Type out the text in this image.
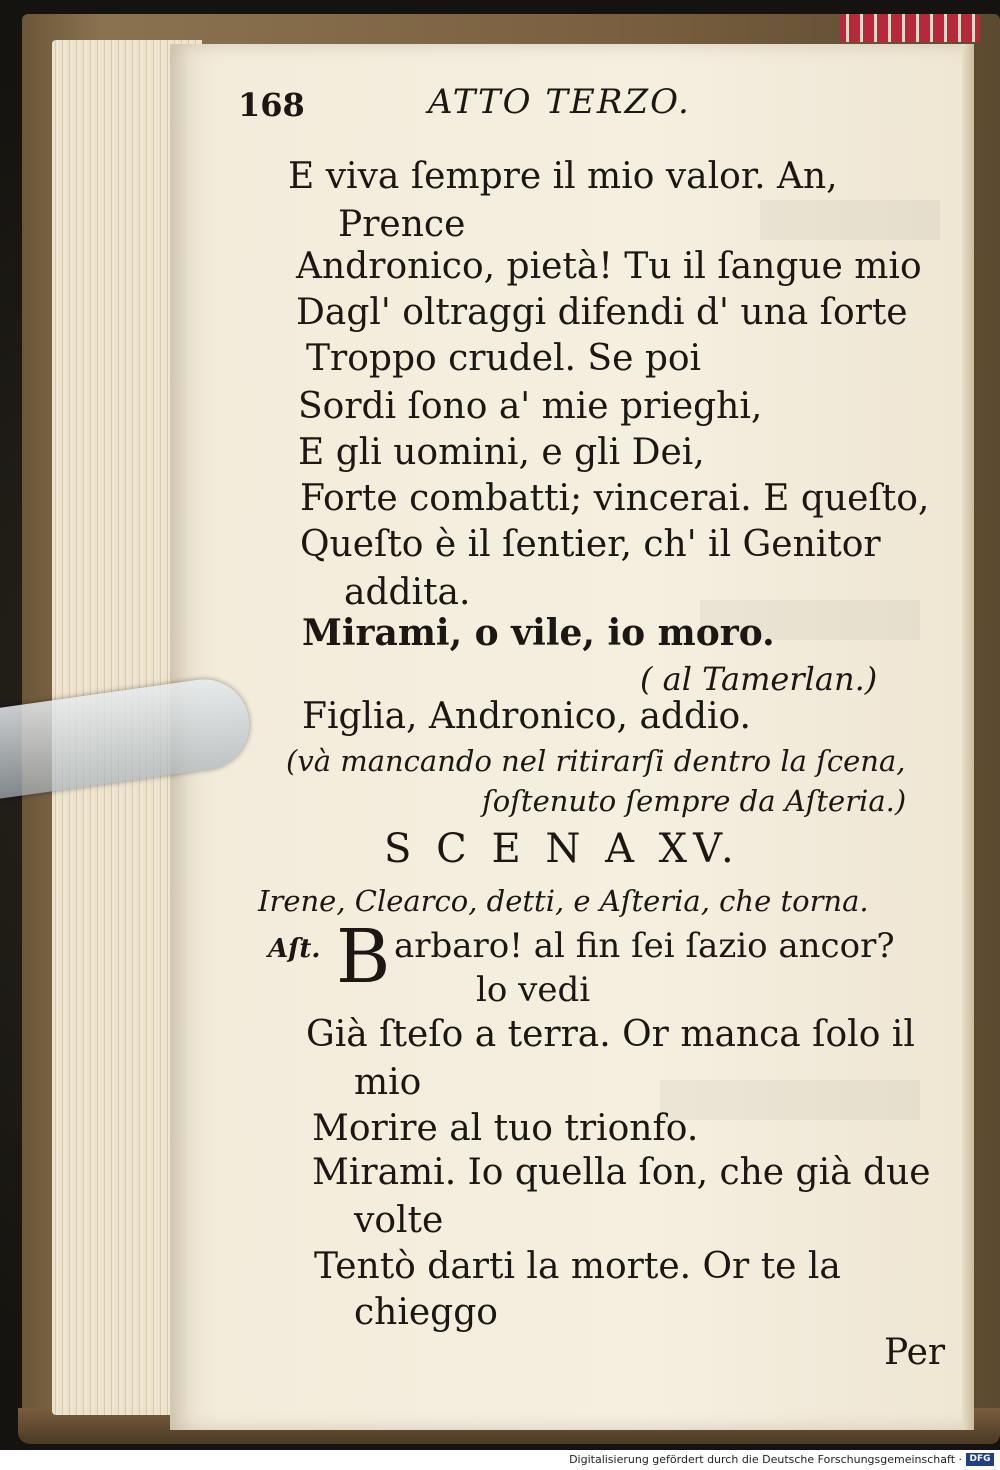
168	ATTO TERZO.
E viva ſempre il mio valor. An,
Prence
Andronico, pietà! Tu il ſangue mio
Dagl' oltraggi difendi d' una ſorte
Troppo crudel. Se poi
Sordi ſono a' mie prieghi,
E gli uomini, e gli Dei,
Forte combatti; vincerai. E queſto,
Queſto è il ſentier, ch' il Genitor
addita.
Mirami, o vile, io moro.
( al Tamerlan.)
Figlia, Andronico, addio.
(và mancando nel ritirarſi dentro la ſcena,
ſoſtenuto ſempre da Aſteria.)
S C E N A XV.
Irene, Clearco, detti, e Aſteria, che torna.
Aſt. B arbaro! al fin ſei ſazio ancor?
lo vedi
Già ſteſo a terra. Or manca ſolo il
mio
Morire al tuo trionfo.
Mirami. Io quella ſon, che già due
volte
Tentò darti la morte. Or te la
chieggo
Per
Digitalisierung gefördert durch die Deutsche Forschungsgemeinschaft · DFG
